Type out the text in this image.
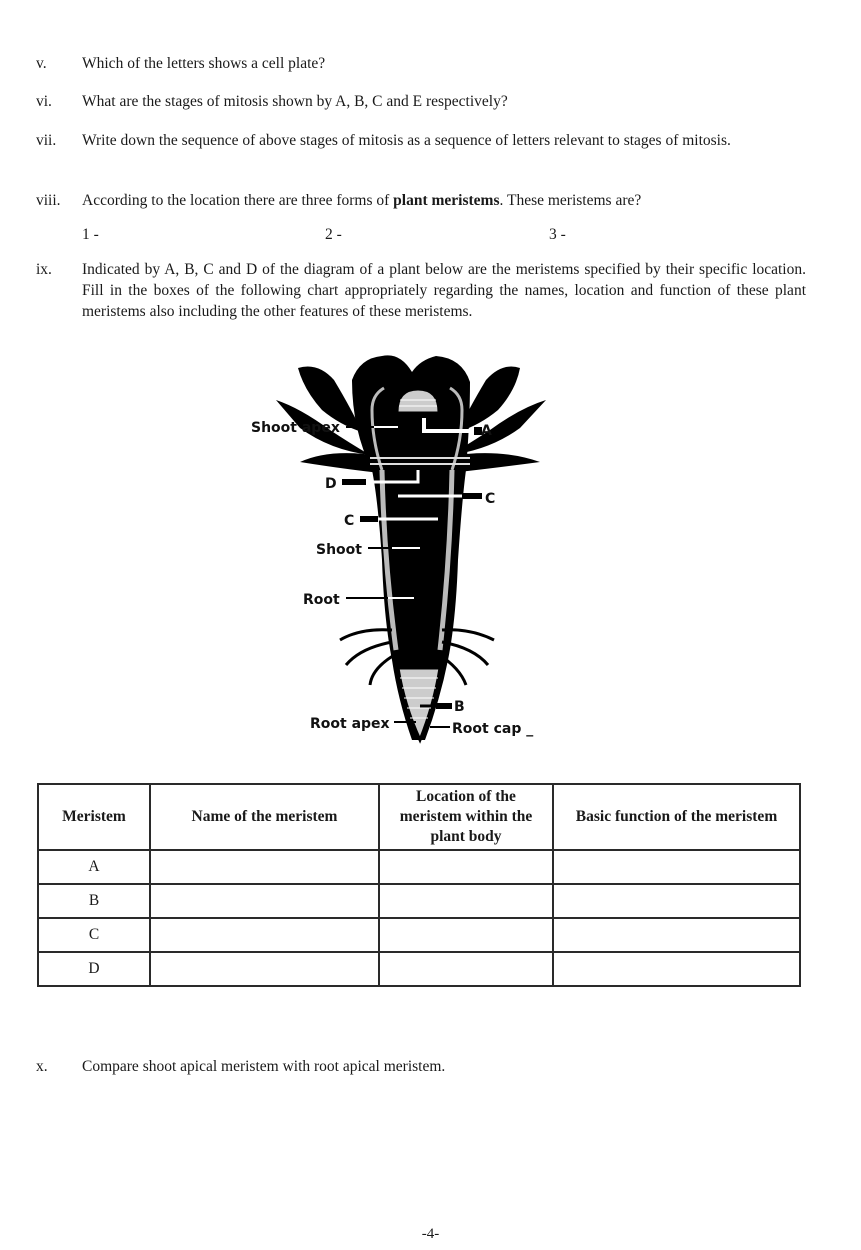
v.	Which of the letters shows a cell plate?
vi.	What are the stages of mitosis shown by A, B, C and E respectively?
vii.	Write down the sequence of above stages of mitosis as a sequence of letters relevant to stages of mitosis.
viii.	According to the location there are three forms of plant meristems. These meristems are?
1 -	2 -	3 -
ix.	Indicated by A, B, C and D of the diagram of a plant below are the meristems specified by their specific location. Fill in the boxes of the following chart appropriately regarding the names, location and function of these plant meristems also including the other features of these meristems.
Shoot apex	A
D
C
C
Shoot
Root
B
Root apex	Root cap _
Meristem	Name of the meristem	Location of the meristem within the plant body	Basic function of the meristem
A			
B			
C			
D			
x.	Compare shoot apical meristem with root apical meristem.
-4-
